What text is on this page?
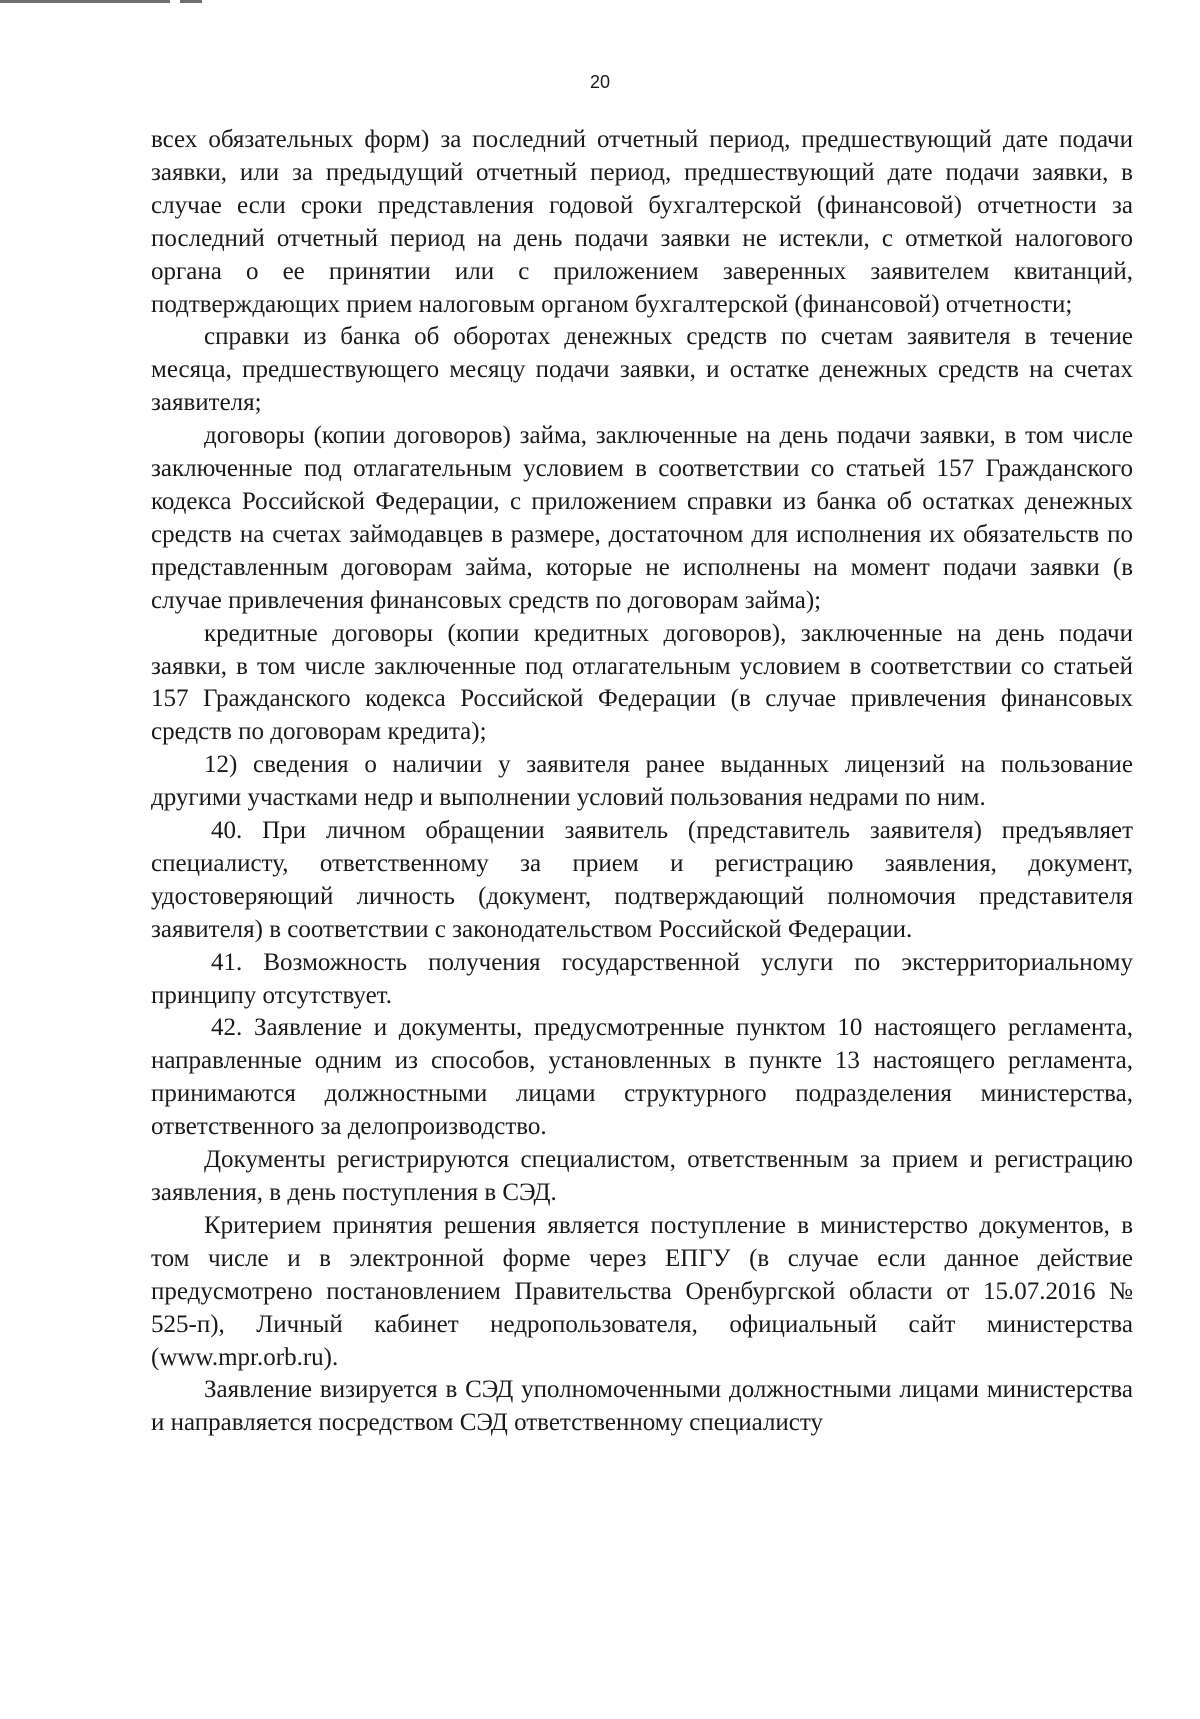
20

всех обязательных форм) за последний отчетный период, предшествующий дате подачи заявки, или за предыдущий отчетный период, предшествующий дате подачи заявки, в случае если сроки представления годовой бухгалтерской (финансовой) отчетности за последний отчетный период на день подачи заявки не истекли, с отметкой налогового органа о ее принятии или с приложением заверенных заявителем квитанций, подтверждающих прием налоговым органом бухгалтерской (финансовой) отчетности;

справки из банка об оборотах денежных средств по счетам заявителя в течение месяца, предшествующего месяцу подачи заявки, и остатке денежных средств на счетах заявителя;

договоры (копии договоров) займа, заключенные на день подачи заявки, в том числе заключенные под отлагательным условием в соответствии со статьей 157 Гражданского кодекса Российской Федерации, с приложением справки из банка об остатках денежных средств на счетах займодавцев в размере, достаточном для исполнения их обязательств по представленным договорам займа, которые не исполнены на момент подачи заявки (в случае привлечения финансовых средств по договорам займа);

кредитные договоры (копии кредитных договоров), заключенные на день подачи заявки, в том числе заключенные под отлагательным условием в соответствии со статьей 157 Гражданского кодекса Российской Федерации (в случае привлечения финансовых средств по договорам кредита);

12) сведения о наличии у заявителя ранее выданных лицензий на пользование другими участками недр и выполнении условий пользования недрами по ним.

40. При личном обращении заявитель (представитель заявителя) предъявляет специалисту, ответственному за прием и регистрацию заявления, документ, удостоверяющий личность (документ, подтверждающий полномочия представителя заявителя) в соответствии с законодательством Российской Федерации.

41. Возможность получения государственной услуги по экстерриториальному принципу отсутствует.

42. Заявление и документы, предусмотренные пунктом 10 настоящего регламента, направленные одним из способов, установленных в пункте 13 настоящего регламента, принимаются должностными лицами структурного подразделения министерства, ответственного за делопроизводство.

Документы регистрируются специалистом, ответственным за прием и регистрацию заявления, в день поступления в СЭД.

Критерием принятия решения является поступление в министерство документов, в том числе и в электронной форме через ЕПГУ (в случае если данное действие предусмотрено постановлением Правительства Оренбургской области от 15.07.2016 № 525-п), Личный кабинет недропользователя, официальный сайт министерства (www.mpr.orb.ru).

Заявление визируется в СЭД уполномоченными должностными лицами министерства и направляется посредством СЭД ответственному специалисту
